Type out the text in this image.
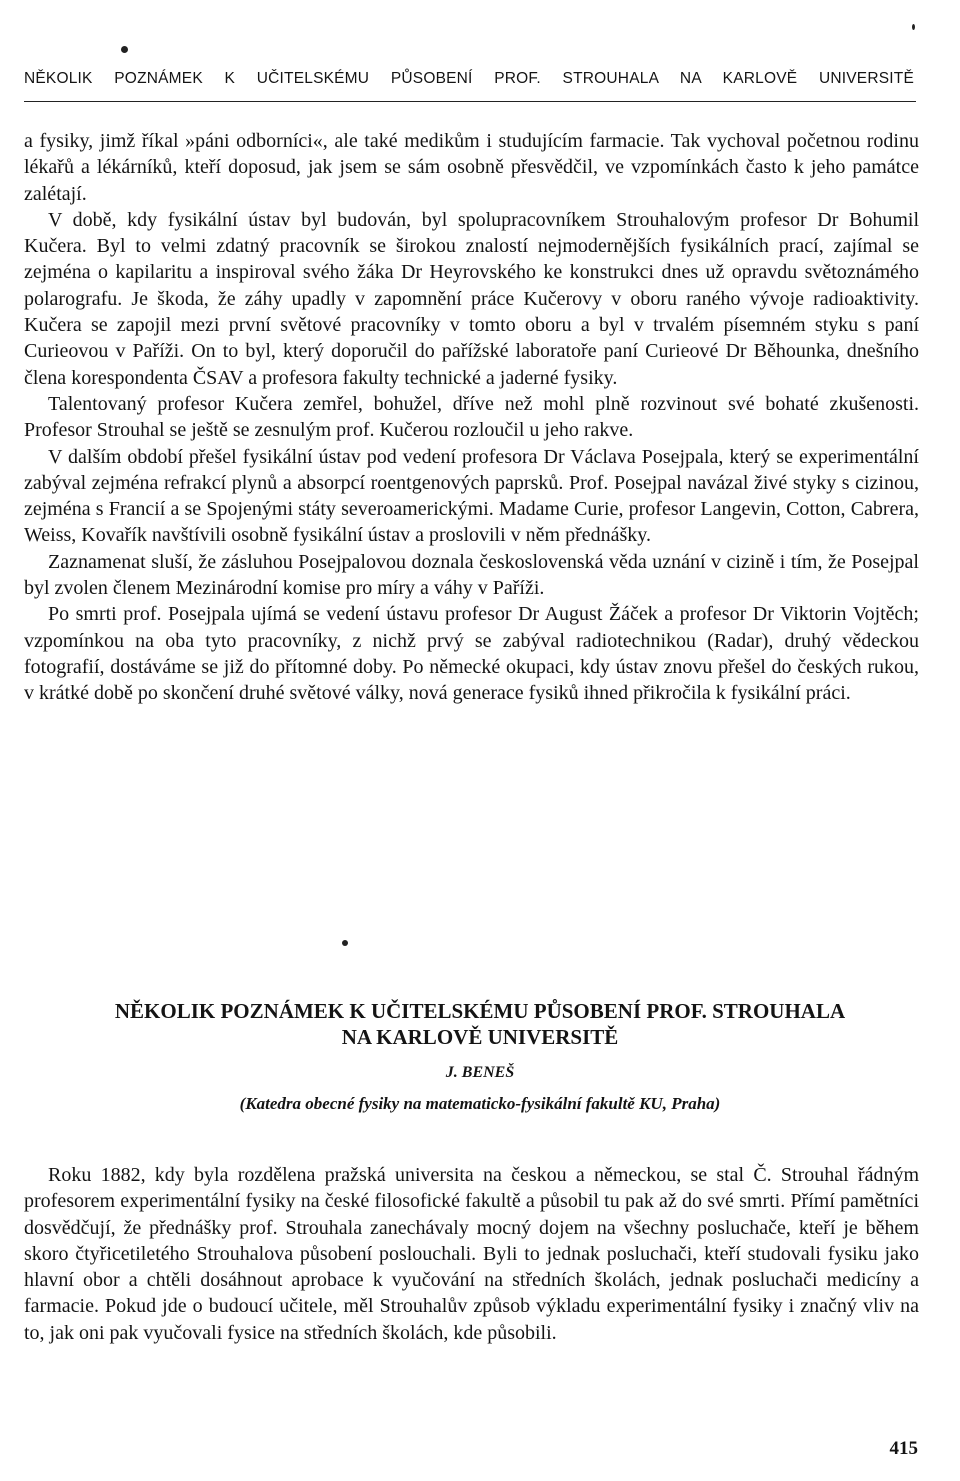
NĚKOLIK POZNÁMEK K UČITELSKÉMU PŮSOBENÍ PROF. STROUHALA NA KARLOVĚ UNIVERSITĚ

a fysiky, jimž říkal »páni odborníci«, ale také medikům i studujícím farmacie. Tak vychoval početnou rodinu lékařů a lékárníků, kteří doposud, jak jsem se sám osobně přesvědčil, ve vzpomínkách často k jeho památce zalétají.

V době, kdy fysikální ústav byl budován, byl spolupracovníkem Strouhalovým profesor Dr Bohumil Kučera. Byl to velmi zdatný pracovník se širokou znalostí nejmodernějších fysikálních prací, zajímal se zejména o kapilaritu a inspiroval svého žáka Dr Heyrovského ke konstrukci dnes už opravdu světoznámého polarografu. Je škoda, že záhy upadly v zapomnění práce Kučerovy v oboru raného vývoje radioaktivity. Kučera se zapojil mezi první světové pracovníky v tomto oboru a byl v trvalém písemném styku s paní Curieovou v Paříži. On to byl, který doporučil do pařížské laboratoře paní Curieové Dr Běhounka, dnešního člena korespondenta ČSAV a profesora fakulty technické a jaderné fysiky.

Talentovaný profesor Kučera zemřel, bohužel, dříve než mohl plně rozvinout své bohaté zkušenosti. Profesor Strouhal se ještě se zesnulým prof. Kučerou rozloučil u jeho rakve.

V dalším období přešel fysikální ústav pod vedení profesora Dr Václava Posejpala, který se experimentální zabýval zejména refrakcí plynů a absorpcí roentgenových paprsků. Prof. Posejpal navázal živé styky s cizinou, zejména s Francií a se Spojenými státy severoamerickými. Madame Curie, profesor Langevin, Cotton, Cabrera, Weiss, Kovařík navštívili osobně fysikální ústav a proslovili v něm přednášky.

Zaznamenat sluší, že zásluhou Posejpalovou doznala československá věda uznání v cizině i tím, že Posejpal byl zvolen členem Mezinárodní komise pro míry a váhy v Paříži.

Po smrti prof. Posejpala ujímá se vedení ústavu profesor Dr August Žáček a profesor Dr Viktorin Vojtěch; vzpomínkou na oba tyto pracovníky, z nichž prvý se zabýval radiotechnikou (Radar), druhý vědeckou fotografií, dostáváme se již do přítomné doby. Po německé okupaci, kdy ústav znovu přešel do českých rukou, v krátké době po skončení druhé světové války, nová generace fysiků ihned přikročila k fysikální práci.

NĚKOLIK POZNÁMEK K UČITELSKÉMU PŮSOBENÍ PROF. STROUHALA
NA KARLOVĚ UNIVERSITĚ
J. BENEŠ
(Katedra obecné fysiky na matematicko-fysikální fakultě KU, Praha)

Roku 1882, kdy byla rozdělena pražská universita na českou a německou, se stal Č. Strouhal řádným profesorem experimentální fysiky na české filosofické fakultě a působil tu pak až do své smrti. Přímí pamětníci dosvědčují, že přednášky prof. Strouhala zanechávaly mocný dojem na všechny posluchače, kteří je během skoro čtyřicetiletého Strouhalova působení poslouchali. Byli to jednak posluchači, kteří studovali fysiku jako hlavní obor a chtěli dosáhnout aprobace k vyučování na středních školách, jednak posluchači medicíny a farmacie. Pokud jde o budoucí učitele, měl Strouhalův způsob výkladu experimentální fysiky i značný vliv na to, jak oni pak vyučovali fysice na středních školách, kde působili.

415
